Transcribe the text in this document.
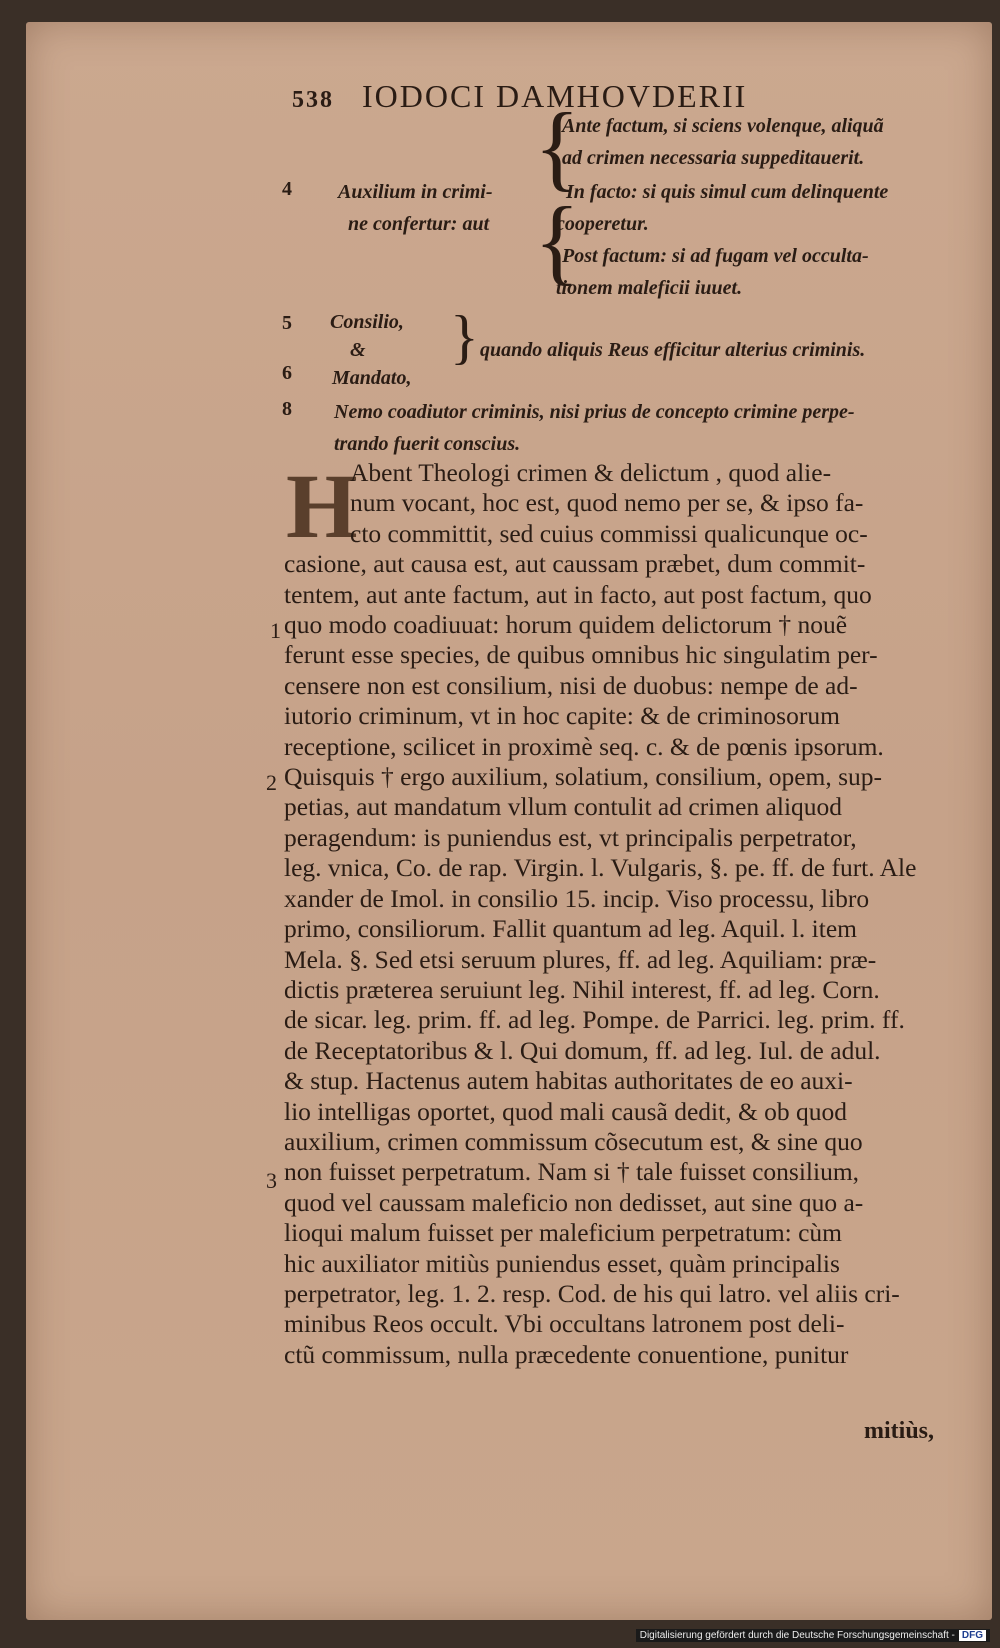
538 IODOCI DAMHOVDERII
4 Auxilium in crimi-
ne confertur: aut
{
{
Ante factum, si sciens volenque, aliquã
ad crimen necessaria suppeditauerit.
In facto: si quis simul cum delinquente
cooperetur.
Post factum: si ad fugam vel occulta-
tionem maleficii iuuet.
5 Consilio,
& } quando aliquis Reus efficitur alterius criminis.
6 Mandato,
8 Nemo coadiutor criminis, nisi prius de concepto crimine perpe-
trando fuerit conscius.
H
Abent Theologi crimen & delictum , quod alie-
num vocant, hoc est, quod nemo per se, & ipso fa-
cto committit, sed cuius commissi qualicunque oc-
casione, aut causa est, aut caussam præbet, dum commit-
tentem, aut ante factum, aut in facto, aut post factum, quo
quo modo coadiuuat: horum quidem delictorum † nouẽ
ferunt esse species, de quibus omnibus hic singulatim per-
censere non est consilium, nisi de duobus: nempe de ad-
iutorio criminum, vt in hoc capite: & de criminosorum
receptione, scilicet in proximè seq. c. & de pœnis ipsorum.
Quisquis † ergo auxilium, solatium, consilium, opem, sup-
petias, aut mandatum vllum contulit ad crimen aliquod
peragendum: is puniendus est, vt principalis perpetrator,
leg. vnica, Co. de rap. Virgin. l. Vulgaris, §. pe. ff. de furt. Ale
xander de Imol. in consilio 15. incip. Viso processu, libro
primo, consiliorum. Fallit quantum ad leg. Aquil. l. item
Mela. §. Sed etsi seruum plures, ff. ad leg. Aquiliam: præ-
dictis præterea seruiunt leg. Nihil interest, ff. ad leg. Corn.
de sicar. leg. prim. ff. ad leg. Pompe. de Parrici. leg. prim. ff.
de Receptatoribus & l. Qui domum, ff. ad leg. Iul. de adul.
& stup. Hactenus autem habitas authoritates de eo auxi-
lio intelligas oportet, quod mali causã dedit, & ob quod
auxilium, crimen commissum cõsecutum est, & sine quo
non fuisset perpetratum. Nam si † tale fuisset consilium,
quod vel caussam maleficio non dedisset, aut sine quo a-
lioqui malum fuisset per maleficium perpetratum: cùm
hic auxiliator mitiùs puniendus esset, quàm principalis
perpetrator, leg. 1. 2. resp. Cod. de his qui latro. vel aliis cri-
minibus Reos occult. Vbi occultans latronem post deli-
ctũ commissum, nulla præcedente conuentione, punitur
1
2
3
mitiùs,
Digitalisierung gefördert durch die Deutsche Forschungsgemeinschaft - DFG
